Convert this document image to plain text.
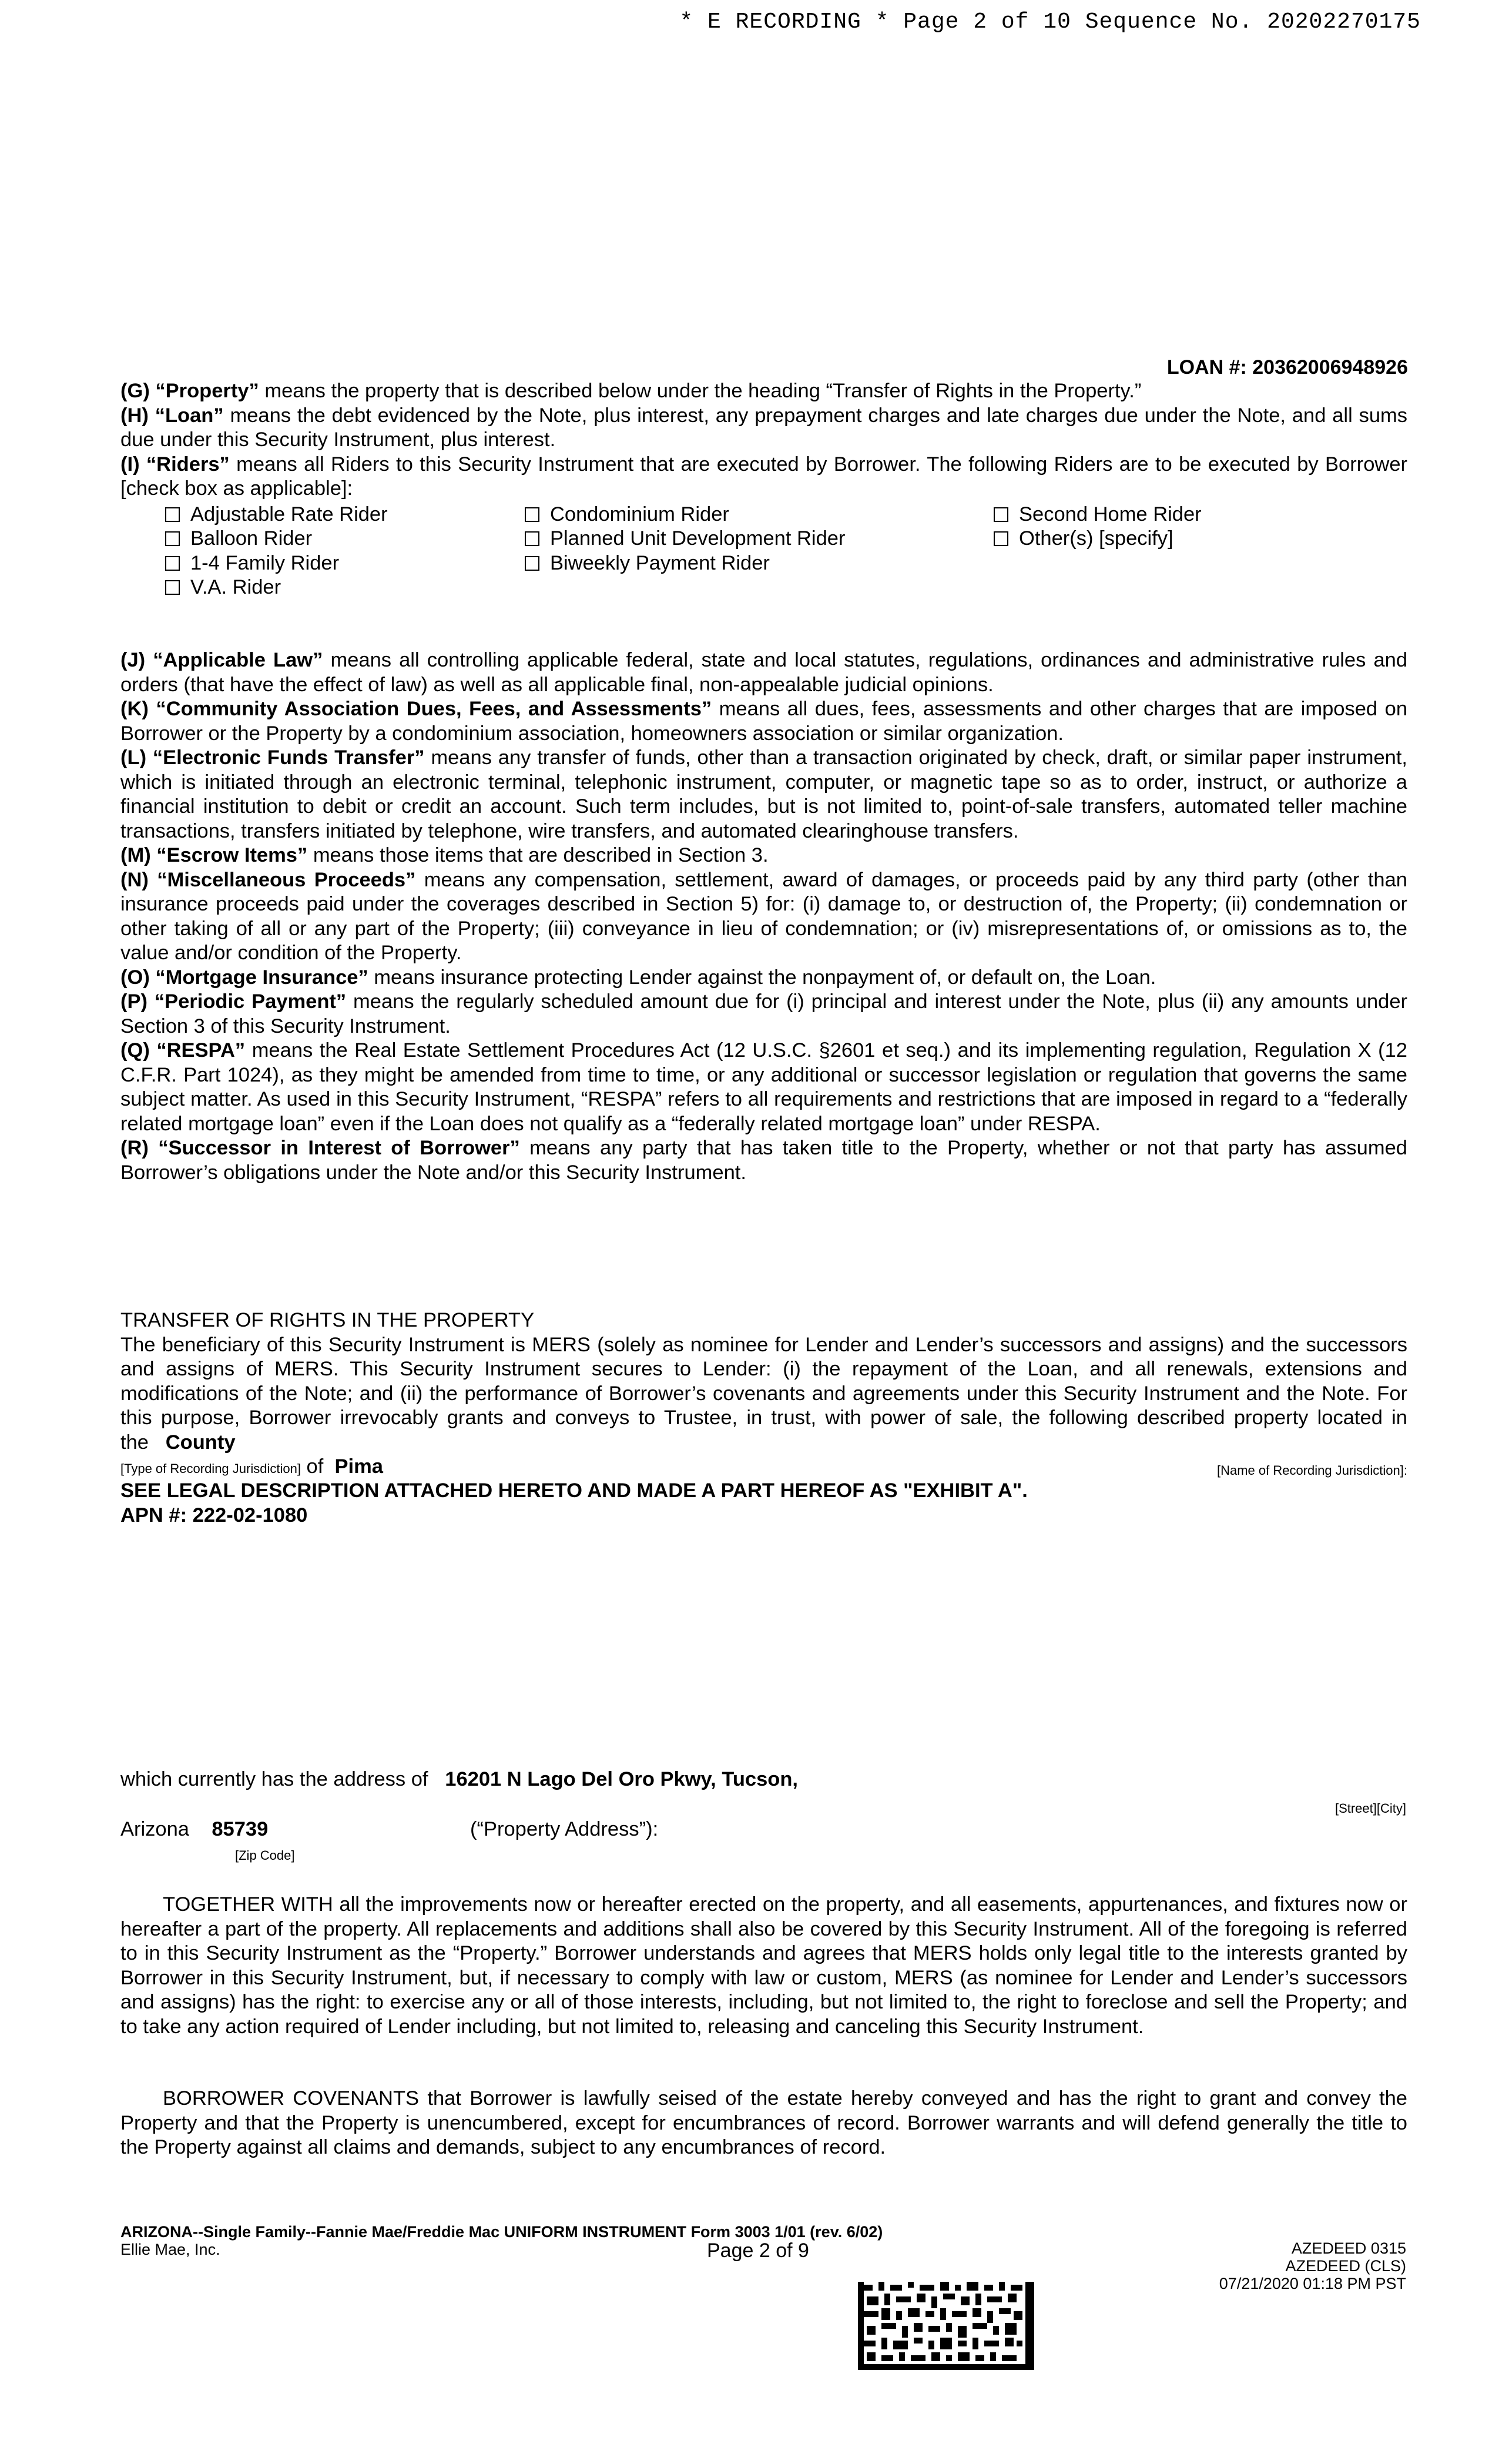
* E RECORDING * Page 2 of 10 Sequence No. 20202270175
LOAN #: 20362006948926

(G) “Property” means the property that is described below under the heading “Transfer of Rights in the Property.”

(H) “Loan” means the debt evidenced by the Note, plus interest, any prepayment charges and late charges due under the Note, and all sums due under this Security Instrument, plus interest.

(I) “Riders” means all Riders to this Security Instrument that are executed by Borrower. The following Riders are to be executed by Borrower [check box as applicable]:

Adjustable Rate Rider
Balloon Rider
1-4 Family Rider
V.A. Rider
Condominium Rider
Planned Unit Development Rider
Biweekly Payment Rider
Second Home Rider
Other(s) [specify]

(J) “Applicable Law” means all controlling applicable federal, state and local statutes, regulations, ordinances and administrative rules and orders (that have the effect of law) as well as all applicable final, non-appealable judicial opinions.

(K) “Community Association Dues, Fees, and Assessments” means all dues, fees, assessments and other charges that are imposed on Borrower or the Property by a condominium association, homeowners association or similar organization.

(L) “Electronic Funds Transfer” means any transfer of funds, other than a transaction originated by check, draft, or similar paper instrument, which is initiated through an electronic terminal, telephonic instrument, computer, or magnetic tape so as to order, instruct, or authorize a financial institution to debit or credit an account. Such term includes, but is not limited to, point-of-sale transfers, automated teller machine transactions, transfers initiated by telephone, wire transfers, and automated clearinghouse transfers.

(M) “Escrow Items” means those items that are described in Section 3.

(N) “Miscellaneous Proceeds” means any compensation, settlement, award of damages, or proceeds paid by any third party (other than insurance proceeds paid under the coverages described in Section 5) for: (i) damage to, or destruction of, the Property; (ii) condemnation or other taking of all or any part of the Property; (iii) conveyance in lieu of condemnation; or (iv) misrepresentations of, or omissions as to, the value and/or condition of the Property.

(O) “Mortgage Insurance” means insurance protecting Lender against the nonpayment of, or default on, the Loan.

(P) “Periodic Payment” means the regularly scheduled amount due for (i) principal and interest under the Note, plus (ii) any amounts under Section 3 of this Security Instrument.

(Q) “RESPA” means the Real Estate Settlement Procedures Act (12 U.S.C. §2601 et seq.) and its implementing regulation, Regulation X (12 C.F.R. Part 1024), as they might be amended from time to time, or any additional or successor legislation or regulation that governs the same subject matter. As used in this Security Instrument, “RESPA” refers to all requirements and restrictions that are imposed in regard to a “federally related mortgage loan” even if the Loan does not qualify as a “federally related mortgage loan” under RESPA.

(R) “Successor in Interest of Borrower” means any party that has taken title to the Property, whether or not that party has assumed Borrower’s obligations under the Note and/or this Security Instrument.

TRANSFER OF RIGHTS IN THE PROPERTY

The beneficiary of this Security Instrument is MERS (solely as nominee for Lender and Lender’s successors and assigns) and the successors and assigns of MERS. This Security Instrument secures to Lender: (i) the repayment of the Loan, and all renewals, extensions and modifications of the Note; and (ii) the performance of Borrower’s covenants and agreements under this Security Instrument and the Note. For this purpose, Borrower irrevocably grants and conveys to Trustee, in trust, with power of sale, the following described property located in the County

[Type of Recording Jurisdiction] of Pima	[Name of Recording Jurisdiction]:

SEE LEGAL DESCRIPTION ATTACHED HERETO AND MADE A PART HEREOF AS "EXHIBIT A".

APN #: 222-02-1080

which currently has the address of 16201 N Lago Del Oro Pkwy, Tucson,
[Street][City]
Arizona 85739	(“Property Address”):
[Zip Code]

TOGETHER WITH all the improvements now or hereafter erected on the property, and all easements, appurtenances, and fixtures now or hereafter a part of the property. All replacements and additions shall also be covered by this Security Instrument. All of the foregoing is referred to in this Security Instrument as the “Property.” Borrower understands and agrees that MERS holds only legal title to the interests granted by Borrower in this Security Instrument, but, if necessary to comply with law or custom, MERS (as nominee for Lender and Lender’s successors and assigns) has the right: to exercise any or all of those interests, including, but not limited to, the right to foreclose and sell the Property; and to take any action required of Lender including, but not limited to, releasing and canceling this Security Instrument.

BORROWER COVENANTS that Borrower is lawfully seised of the estate hereby conveyed and has the right to grant and convey the Property and that the Property is unencumbered, except for encumbrances of record. Borrower warrants and will defend generally the title to the Property against all claims and demands, subject to any encumbrances of record.

ARIZONA--Single Family--Fannie Mae/Freddie Mac UNIFORM INSTRUMENT Form 3003 1/01 (rev. 6/02)
Ellie Mae, Inc.	Page 2 of 9	AZEDEED 0315
AZEDEED (CLS)
07/21/2020 01:18 PM PST
